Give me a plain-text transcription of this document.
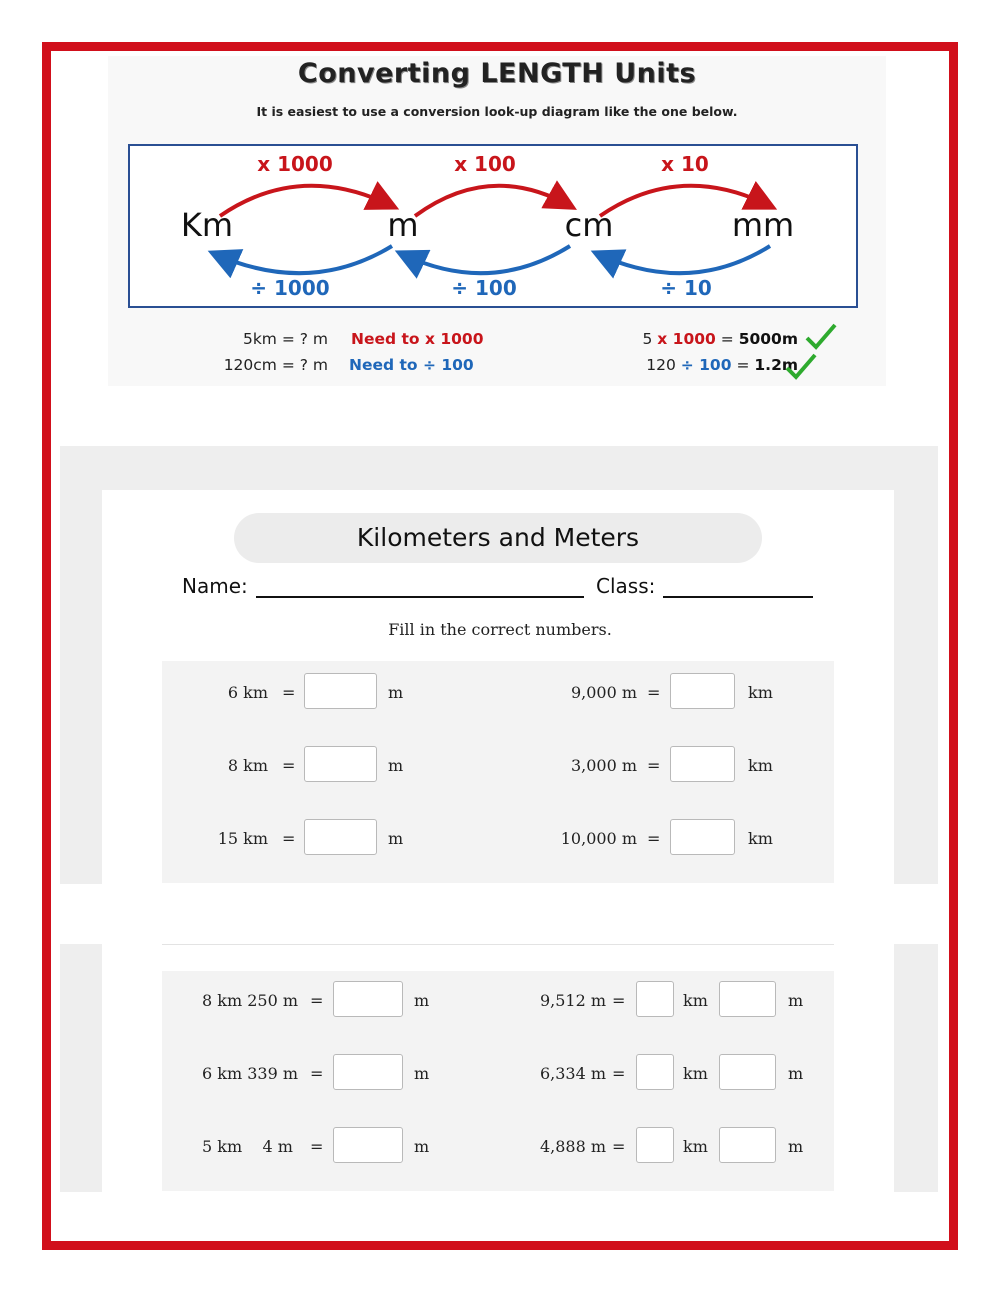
Converting LENGTH Units
It is easiest to use a conversion look-up diagram like the one below.
x 1000	x 100	x 10
Km	m	cm	mm
÷ 1000	÷ 100	÷ 10
5km = ? m Need to x 1000	5 x 1000 = 5000m
120cm = ? m Need to ÷ 100	120 ÷ 100 = 1.2m
Kilometers and Meters
Name:	Class:
Fill in the correct numbers.
6 km =	m	9,000 m =	km
8 km =	m	3,000 m =	km
15 km =	m	10,000 m =	km
8 km 250 m =	m	9,512 m =	km	m
6 km 339 m =	m	6,334 m =	km	m
5 km    4 m =	m	4,888 m =	km	m
